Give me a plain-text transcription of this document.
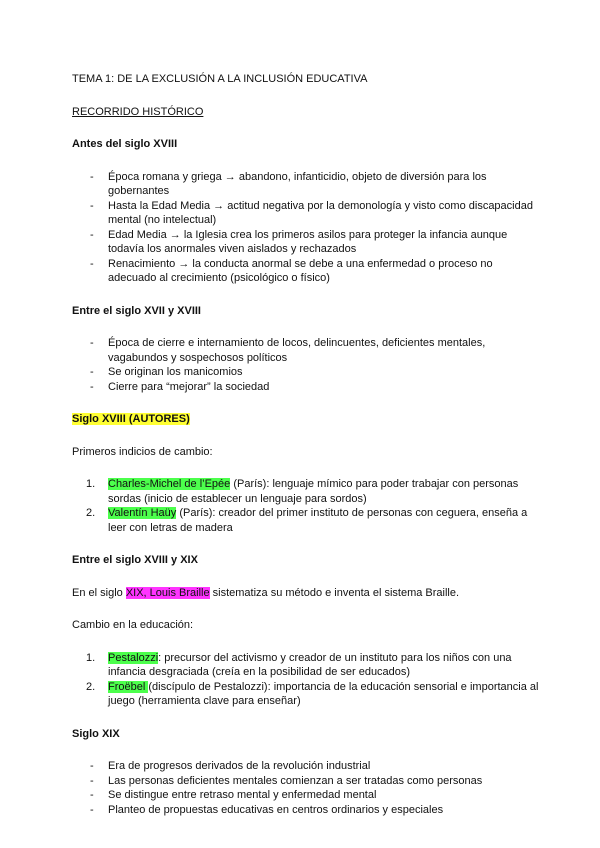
TEMA 1: DE LA EXCLUSIÓN A LA INCLUSIÓN EDUCATIVA
RECORRIDO HISTÓRICO
Antes del siglo XVIII
- Época romana y griega → abandono, infanticidio, objeto de diversión para los gobernantes
- Hasta la Edad Media → actitud negativa por la demonología y visto como discapacidad mental (no intelectual)
- Edad Media → la Iglesia crea los primeros asilos para proteger la infancia aunque todavía los anormales viven aislados y rechazados
- Renacimiento → la conducta anormal se debe a una enfermedad o proceso no adecuado al crecimiento (psicológico o físico)
Entre el siglo XVII y XVIII
- Época de cierre e internamiento de locos, delincuentes, deficientes mentales, vagabundos y sospechosos políticos
- Se originan los manicomios
- Cierre para “mejorar” la sociedad
Siglo XVIII (AUTORES)
Primeros indicios de cambio:
1. Charles-Michel de l’Epée (París): lenguaje mímico para poder trabajar con personas sordas (inicio de establecer un lenguaje para sordos)
2. Valentín Haüy (París): creador del primer instituto de personas con ceguera, enseña a leer con letras de madera
Entre el siglo XVIII y XIX
En el siglo XIX, Louis Braille sistematiza su método e inventa el sistema Braille.
Cambio en la educación:
1. Pestalozzi: precursor del activismo y creador de un instituto para los niños con una infancia desgraciada (creía en la posibilidad de ser educados)
2. Froëbel (discípulo de Pestalozzi): importancia de la educación sensorial e importancia al juego (herramienta clave para enseñar)
Siglo XIX
- Era de progresos derivados de la revolución industrial
- Las personas deficientes mentales comienzan a ser tratadas como personas
- Se distingue entre retraso mental y enfermedad mental
- Planteo de propuestas educativas en centros ordinarios y especiales
